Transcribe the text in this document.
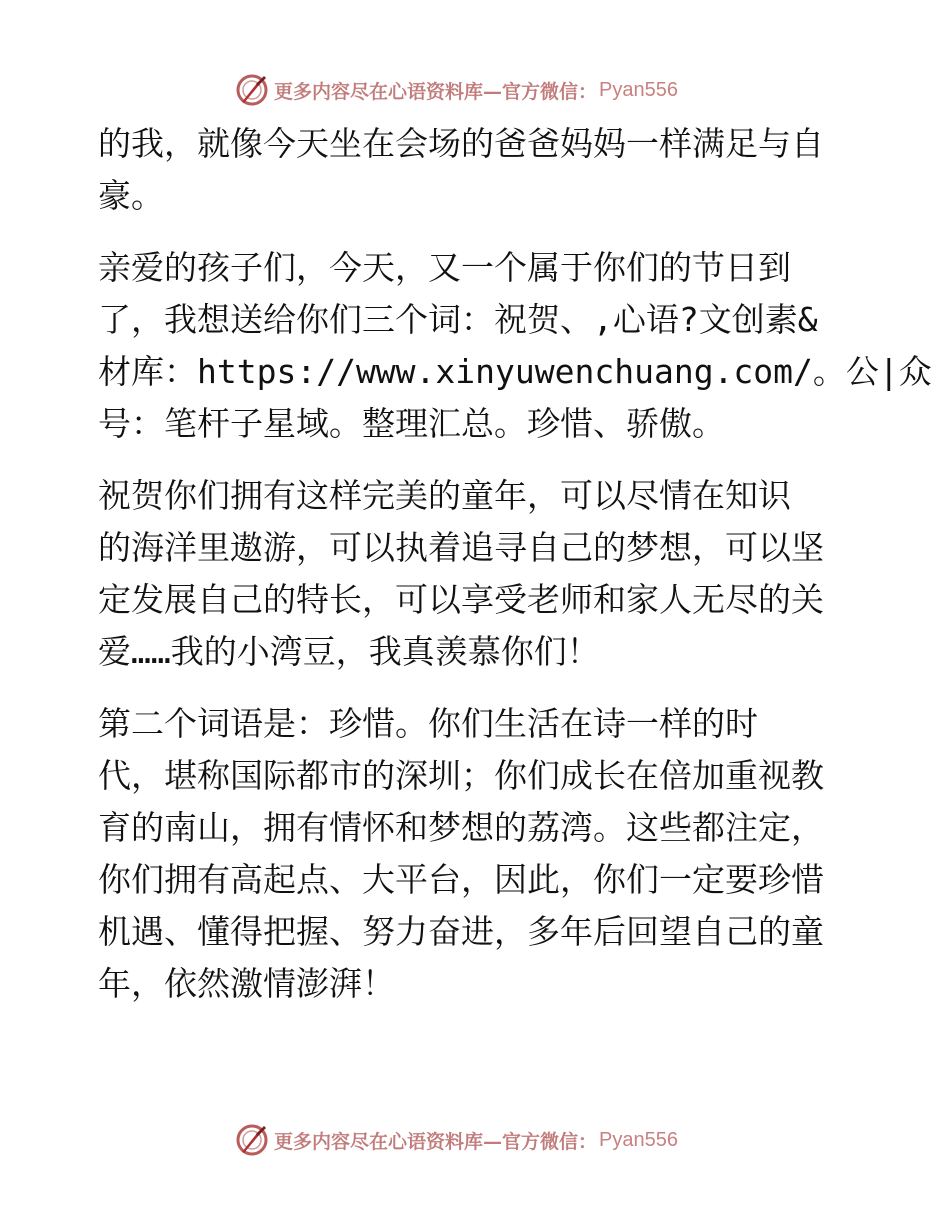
更多内容尽在心语资料库—官方微信： Pyan556

的我，就像今天坐在会场的爸爸妈妈一样满足与自
豪。

亲爱的孩子们，今天，又一个属于你们的节日到
了，我想送给你们三个词：祝贺、,心语?文创素&
材库：https://www.xinyuwenchuang.com/。公|众
号：笔杆子星域。整理汇总。珍惜、骄傲。

祝贺你们拥有这样完美的童年，可以尽情在知识
的海洋里遨游，可以执着追寻自己的梦想，可以坚
定发展自己的特长，可以享受老师和家人无尽的关
爱……我的小湾豆，我真羡慕你们！

第二个词语是：珍惜。你们生活在诗一样的时
代，堪称国际都市的深圳；你们成长在倍加重视教
育的南山，拥有情怀和梦想的荔湾。这些都注定，
你们拥有高起点、大平台，因此，你们一定要珍惜
机遇、懂得把握、努力奋进，多年后回望自己的童
年，依然激情澎湃！

更多内容尽在心语资料库—官方微信： Pyan556
